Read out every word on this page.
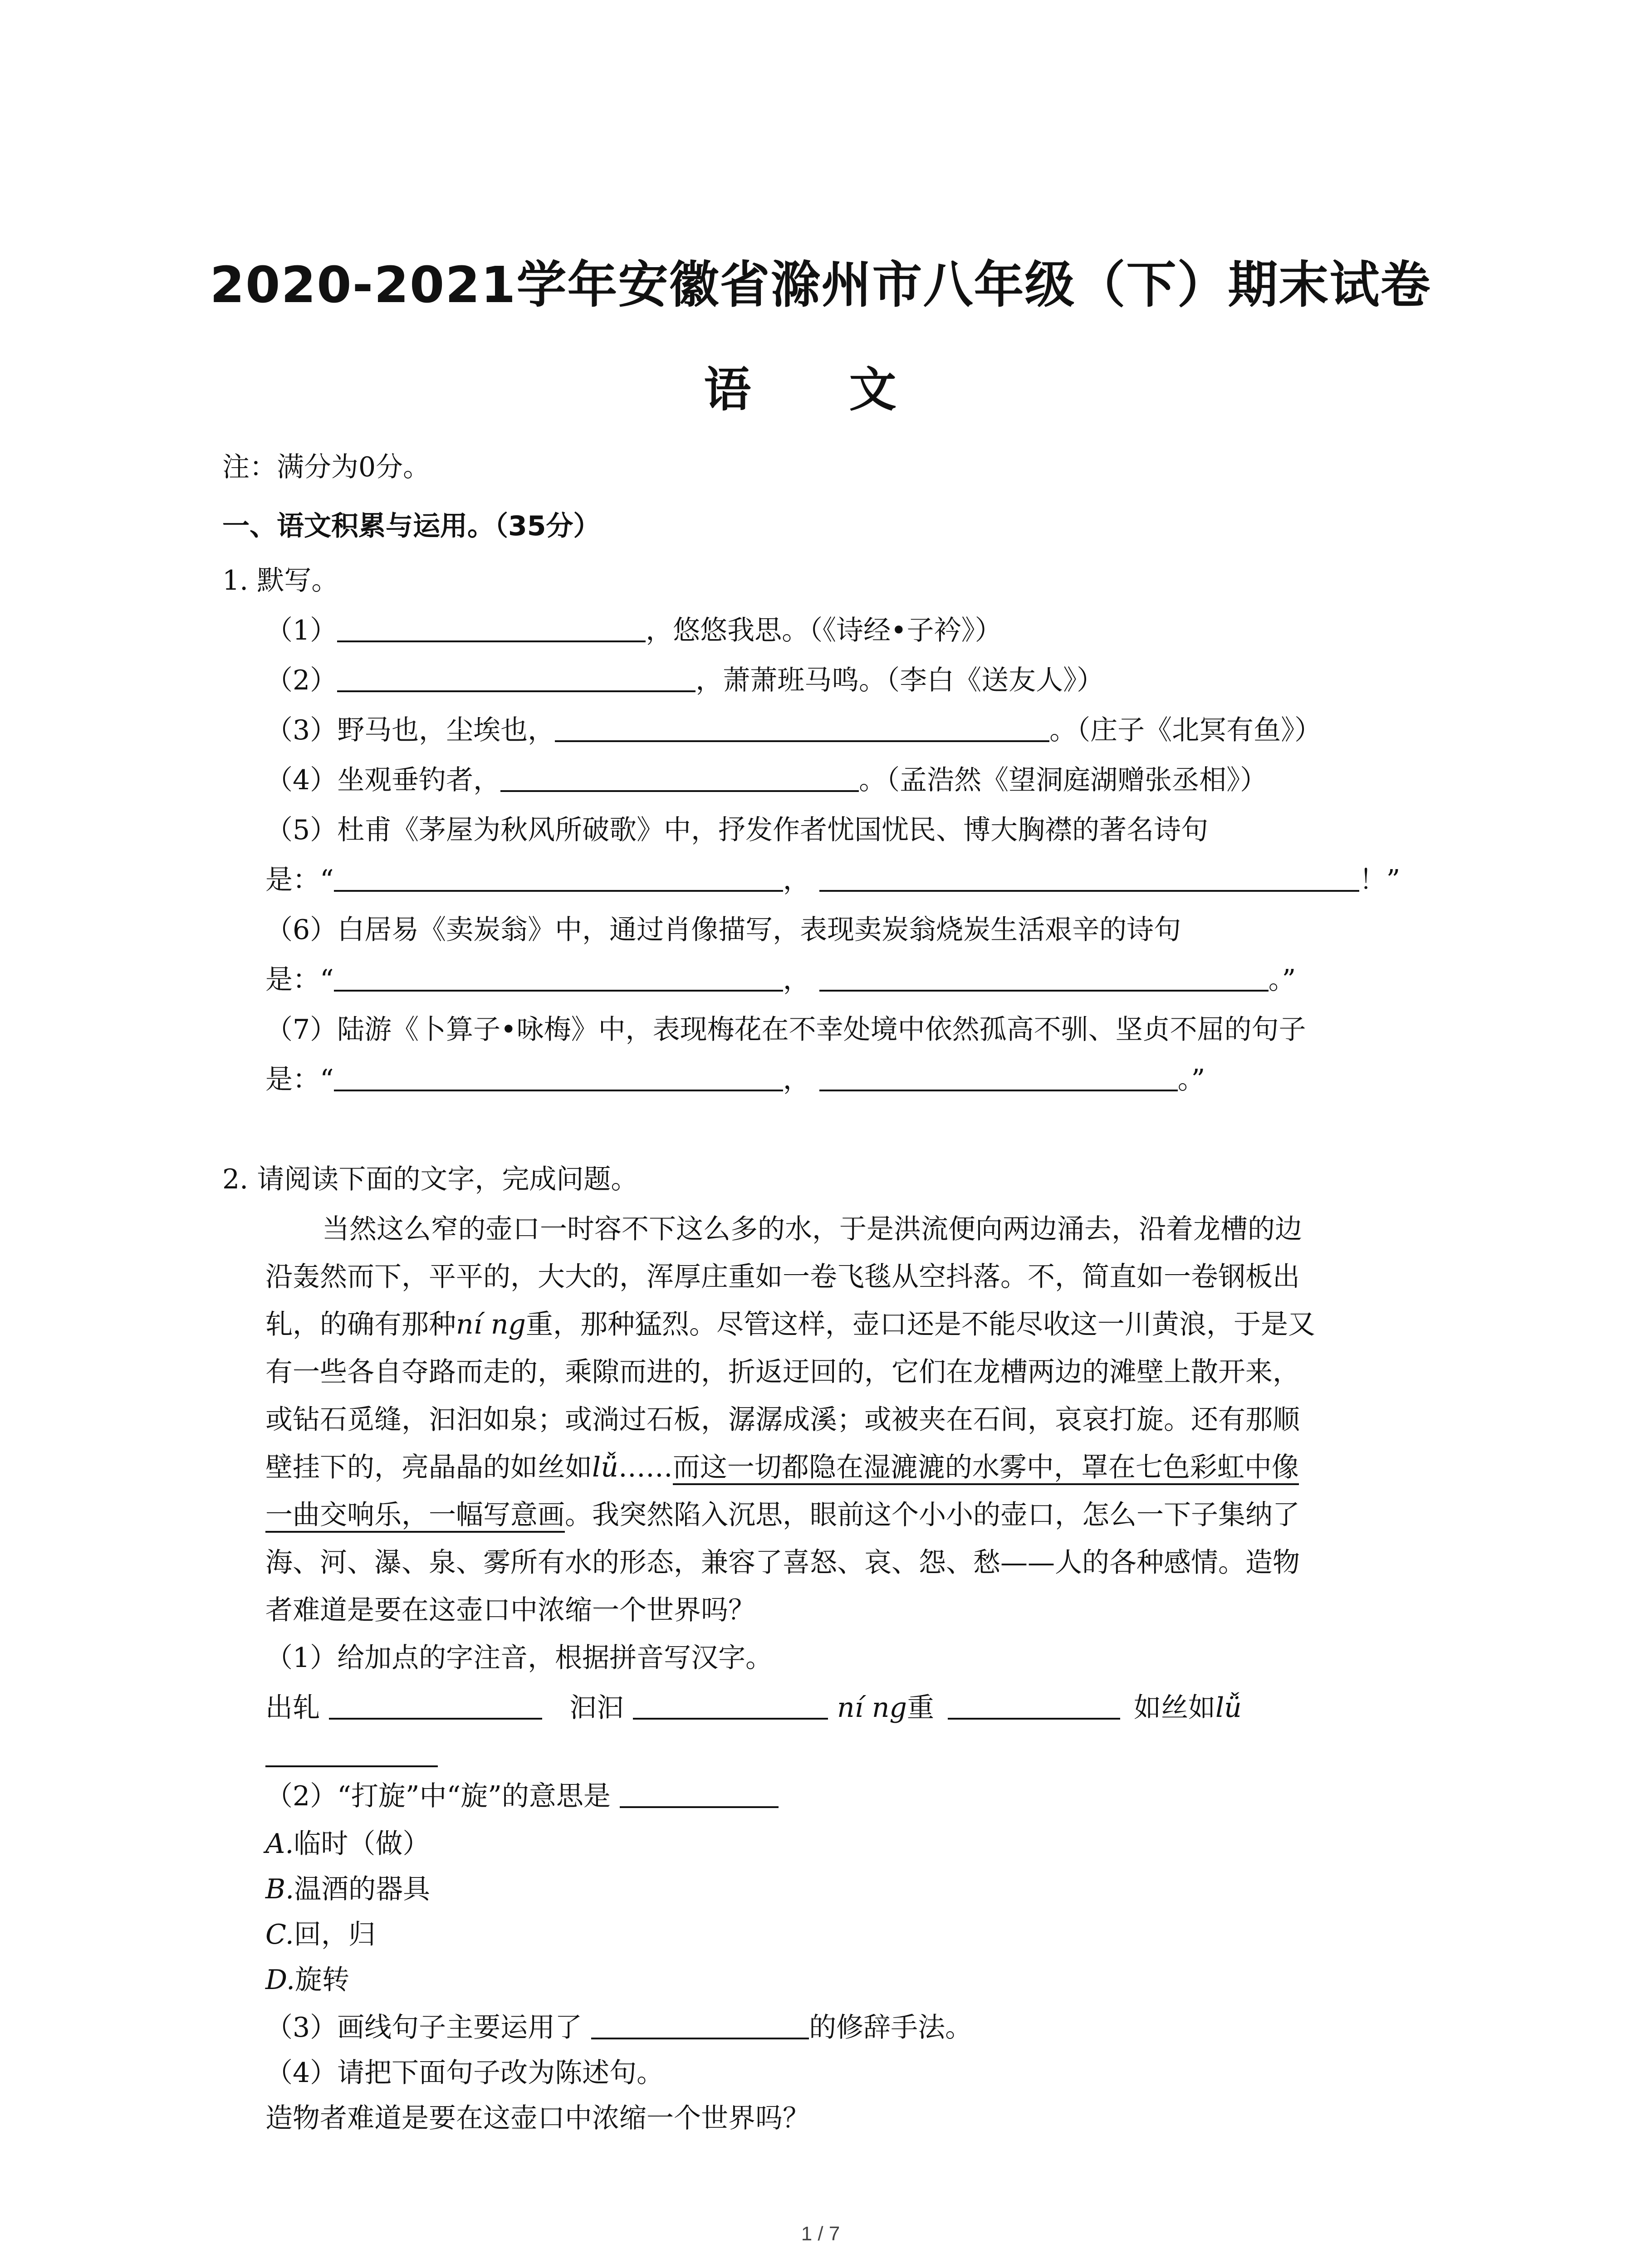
2020-2021学年安徽省滁州市八年级（下）期末试卷
语 文
注：满分为0分。
一、语文积累与运用。（35分）
1. 默写。
（1）	，悠悠我思。（《诗经•子衿》）
（2）	，萧萧班马鸣。（李白《送友人》）
（3）野马也，尘埃也，	。（庄子《北冥有鱼》）
（4）坐观垂钓者，	。（孟浩然《望洞庭湖赠张丞相》）
（5）杜甫《茅屋为秋风所破歌》中，抒发作者忧国忧民、博大胸襟的著名诗句
是：“	，	！”
（6）白居易《卖炭翁》中，通过肖像描写，表现卖炭翁烧炭生活艰辛的诗句
是：“	，	。”
（7）陆游《卜算子•咏梅》中，表现梅花在不幸处境中依然孤高不驯、坚贞不屈的句子
是：“	，	。”
2. 请阅读下面的文字，完成问题。
当然这么窄的壶口一时容不下这么多的水，于是洪流便向两边涌去，沿着龙槽的边
沿轰然而下，平平的，大大的，浑厚庄重如一卷飞毯从空抖落。不，简直如一卷钢板出
轧，的确有那种ní ng重，那种猛烈。尽管这样，壶口还是不能尽收这一川黄浪，于是又
有一些各自夺路而走的，乘隙而进的，折返迂回的，它们在龙槽两边的滩壁上散开来，
或钻石觅缝，汩汩如泉；或淌过石板，潺潺成溪；或被夹在石间，哀哀打旋。还有那顺
壁挂下的，亮晶晶的如丝如lǚ……而这一切都隐在湿漉漉的水雾中，罩在七色彩虹中像
一曲交响乐，一幅写意画。我突然陷入沉思，眼前这个小小的壶口，怎么一下子集纳了
海、河、瀑、泉、雾所有水的形态，兼容了喜怒、哀、怨、愁——人的各种感情。造物
者难道是要在这壶口中浓缩一个世界吗？
（1）给加点的字注音，根据拼音写汉字。
出轧	汩汩	ní ng重	如丝如lǚ
（2）“打旋”中“旋”的意思是
A.临时（做）
B.温酒的器具
C.回，归
D.旋转
（3）画线句子主要运用了	的修辞手法。
（4）请把下面句子改为陈述句。
造物者难道是要在这壶口中浓缩一个世界吗？
1 / 7
